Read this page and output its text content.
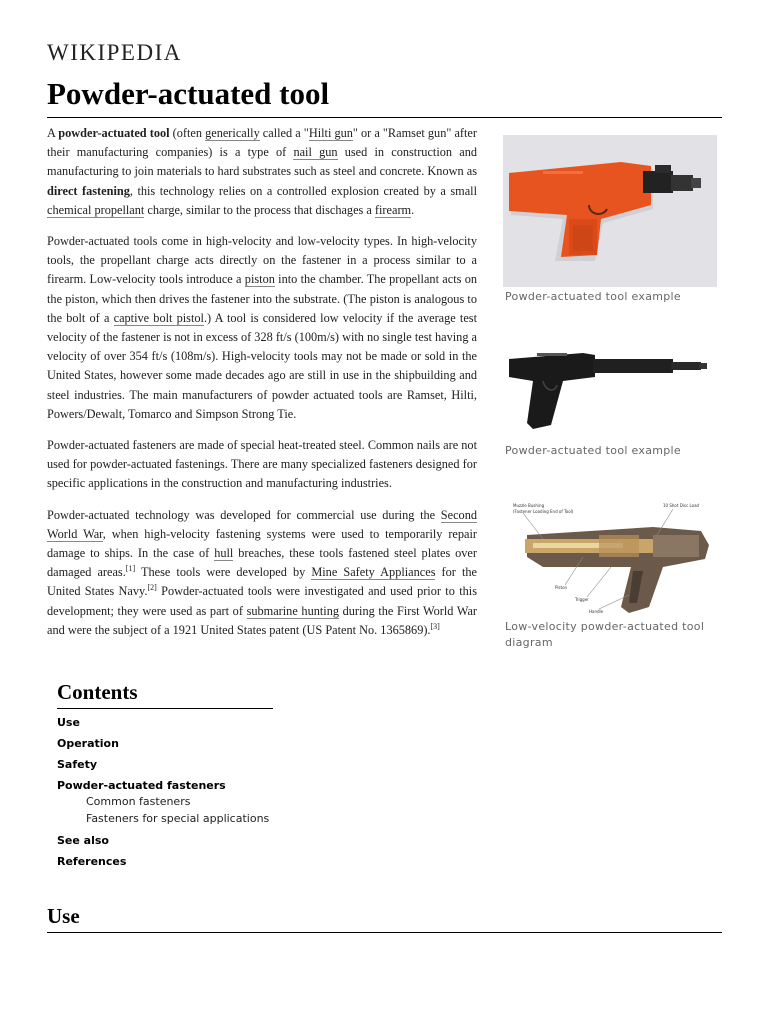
WIKIPEDIA
Powder-actuated tool

A powder-actuated tool (often generically called a "Hilti gun" or a "Ramset gun" after their manufacturing companies) is a type of nail gun used in construction and manufacturing to join materials to hard substrates such as steel and concrete. Known as direct fastening, this technology relies on a controlled explosion created by a small chemical propellant charge, similar to the process that dischages a firearm.

Powder-actuated tools come in high-velocity and low-velocity types. In high-velocity tools, the propellant charge acts directly on the fastener in a process similar to a firearm. Low-velocity tools introduce a piston into the chamber. The propellant acts on the piston, which then drives the fastener into the substrate. (The piston is analogous to the bolt of a captive bolt pistol.) A tool is considered low velocity if the average test velocity of the fastener is not in excess of 328 ft/s (100m/s) with no single test having a velocity of over 354 ft/s (108m/s). High-velocity tools may not be made or sold in the United States, however some made decades ago are still in use in the shipbuilding and steel industries. The main manufacturers of powder actuated tools are Ramset, Hilti, Powers/Dewalt, Tomarco and Simpson Strong Tie.

Powder-actuated fasteners are made of special heat-treated steel. Common nails are not used for powder-actuated fastenings. There are many specialized fasteners designed for specific applications in the construction and manufacturing industries.

Powder-actuated technology was developed for commercial use during the Second World War, when high-velocity fastening systems were used to temporarily repair damage to ships. In the case of hull breaches, these tools fastened steel plates over damaged areas.[1] These tools were developed by Mine Safety Appliances for the United States Navy.[2] Powder-actuated tools were investigated and used prior to this development; they were used as part of submarine hunting during the First World War and were the subject of a 1921 United States patent (US Patent No. 1365869).[3]

Powder-actuated tool example
Powder-actuated tool example
Muzzle Bushing
(Fastener Loading End of Tool)
10 Shot Disc Load
Piston
Trigger
Handle
Low-velocity powder-actuated tool diagram
Contents
Use
Operation
Safety
Powder-actuated fasteners
Common fasteners
Fasteners for special applications
See also
References
Use
